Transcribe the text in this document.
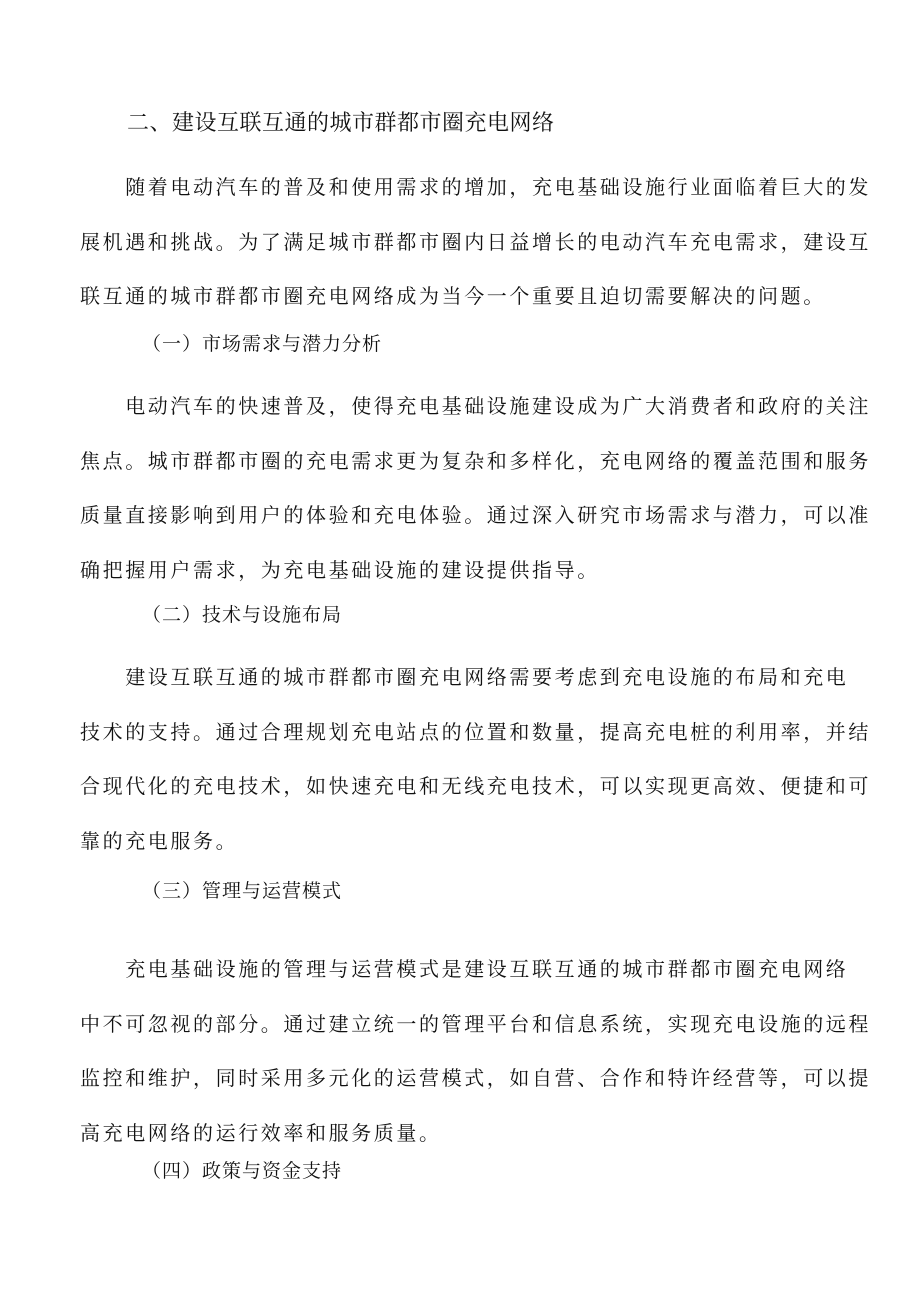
二、建设互联互通的城市群都市圈充电网络
　　随着电动汽车的普及和使用需求的增加，充电基础设施行业面临着巨大的发
展机遇和挑战。为了满足城市群都市圈内日益增长的电动汽车充电需求，建设互
联互通的城市群都市圈充电网络成为当今一个重要且迫切需要解决的问题。
（一）市场需求与潜力分析
　　电动汽车的快速普及，使得充电基础设施建设成为广大消费者和政府的关注
焦点。城市群都市圈的充电需求更为复杂和多样化，充电网络的覆盖范围和服务
质量直接影响到用户的体验和充电体验。通过深入研究市场需求与潜力，可以准
确把握用户需求，为充电基础设施的建设提供指导。
（二）技术与设施布局
　　建设互联互通的城市群都市圈充电网络需要考虑到充电设施的布局和充电
技术的支持。通过合理规划充电站点的位置和数量，提高充电桩的利用率，并结
合现代化的充电技术，如快速充电和无线充电技术，可以实现更高效、便捷和可
靠的充电服务。
（三）管理与运营模式
　　充电基础设施的管理与运营模式是建设互联互通的城市群都市圈充电网络
中不可忽视的部分。通过建立统一的管理平台和信息系统，实现充电设施的远程
监控和维护，同时采用多元化的运营模式，如自营、合作和特许经营等，可以提
高充电网络的运行效率和服务质量。
（四）政策与资金支持
